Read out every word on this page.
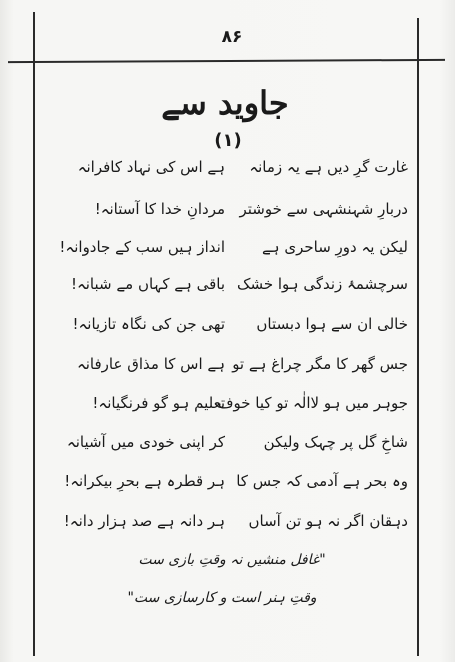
۸۶
جاوید سے
(۱)
غارت گرِ دیں ہے یہ زمانہ
ہے اس کی نہاد کافرانہ
دربارِ شہنشہی سے خوشتر
مردانِ خدا کا آستانہ!
لیکن یہ دورِ ساحری ہے
انداز ہیں سب کے جادوانہ!
سرچشمۂ زندگی ہوا خشک
باقی ہے کہاں مے شبانہ!
خالی ان سے ہوا دبستاں
تھی جن کی نگاہ تازیانہ!
جس گھر کا مگر چراغ ہے تو
ہے اس کا مذاق عارفانہ
جوہر میں ہو لاالٰہ تو کیا خوف
تعلیم ہو گو فرنگیانہ!
شاخِ گل پر چہک ولیکن
کر اپنی خودی میں آشیانہ
وہ بحر ہے آدمی کہ جس کا
ہر قطرہ ہے بحرِ بیکرانہ!
دہقان اگر نہ ہو تن آساں
ہر دانہ ہے صد ہزار دانہ!
"غافل منشیں نہ وقتِ بازی ست
وقتِ ہنر است و کارسازی ست"
